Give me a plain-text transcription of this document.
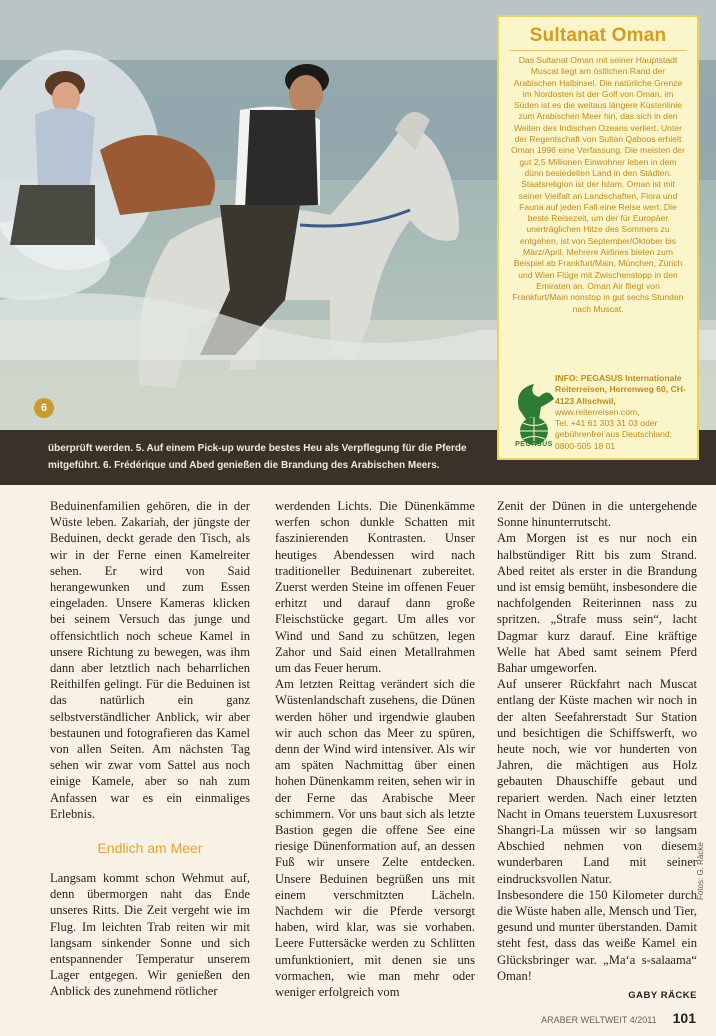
6

überprüft werden. 5. Auf einem Pick-up wurde bestes Heu als Verpflegung für die Pferde

mitgeführt. 6. Frédérique und Abed genießen die Brandung des Arabischen Meers.

Sultanat Oman
Das Sultanat Oman mit seiner Hauptstadt Muscat liegt am östlichen Rand der Arabischen Halbinsel. Die natürliche Grenze im Nordosten ist der Golf von Oman, im Süden ist es die weitaus längere Küstenlinie zum Arabischen Meer hin, das sich in den Weiten des Indischen Ozeans verliert. Unter der Regentschaft von Sultan Qaboos erhielt Oman 1996 eine Verfassung. Die meisten der gut 2,5 Millionen Einwohner leben in dem dünn besiedelten Land in den Städten. Staatsreligion ist der Islam. Oman ist mit seiner Vielfalt an Landschaften, Flora und Fauna auf jeden Fall eine Reise wert. Die beste Reisezeit, um der für Europäer unerträglichen Hitze des Sommers zu entgehen, ist von September/Oktober bis März/April. Mehrere Airlines bieten zum Beispiel ab Frankfurt/Main, München, Zürich und Wien Flüge mit Zwischenstopp in den Emiraten an. Oman Air fliegt von Frankfurt/Main nonstop in gut sechs Stunden nach Muscat.
PEGASUS
INFO: PEGASUS Internationale Reiterreisen, Herrenweg 60, CH-4123 Allschwil,
www.reiterreisen.com,
Tel. +41 61 303 31 03 oder gebührenfrei aus Deutschland: 0800-505 18 01

Beduinenfamilien gehören, die in der Wüste leben. Zakariah, der jüngste der Beduinen, deckt gerade den Tisch, als wir in der Ferne einen Kamelreiter sehen. Er wird von Said herangewunken und zum Essen eingeladen. Unsere Kameras klicken bei seinem Versuch das junge und offensichtlich noch scheue Kamel in unsere Richtung zu bewegen, was ihm dann aber letztlich nach beharrlichen Reithilfen gelingt. Für die Beduinen ist das natürlich ein ganz selbstverständlicher Anblick, wir aber bestaunen und fotografieren das Kamel von allen Seiten. Am nächsten Tag sehen wir zwar vom Sattel aus noch einige Kamele, aber so nah zum Anfassen war es ein einmaliges Erlebnis.

Endlich am Meer

Langsam kommt schon Wehmut auf, denn übermorgen naht das Ende unseres Ritts. Die Zeit vergeht wie im Flug. Im leichten Trab reiten wir mit langsam sinkender Sonne und sich entspannender Temperatur unserem Lager entgegen. Wir genießen den Anblick des zunehmend rötlicher

werdenden Lichts. Die Dünenkämme werfen schon dunkle Schatten mit faszinierenden Kontrasten. Unser heutiges Abendessen wird nach traditioneller Beduinenart zubereitet. Zuerst werden Steine im offenen Feuer erhitzt und darauf dann große Fleischstücke gegart. Um alles vor Wind und Sand zu schützen, legen Zahor und Said einen Metallrahmen um das Feuer herum.

Am letzten Reittag verändert sich die Wüstenlandschaft zusehens, die Dünen werden höher und irgendwie glauben wir auch schon das Meer zu spüren, denn der Wind wird intensiver. Als wir am späten Nachmittag über einen hohen Dünenkamm reiten, sehen wir in der Ferne das Arabische Meer schimmern. Vor uns baut sich als letzte Bastion gegen die offene See eine riesige Dünenformation auf, an dessen Fuß wir unsere Zelte entdecken. Unsere Beduinen begrüßen uns mit einem verschmitzten Lächeln. Nachdem wir die Pferde versorgt haben, wird klar, was sie vorhaben. Leere Futtersäcke werden zu Schlitten umfunktioniert, mit denen sie uns vormachen, wie man mehr oder weniger erfolgreich vom

Zenit der Dünen in die untergehende Sonne hinunterrutscht.

Am Morgen ist es nur noch ein halbstündiger Ritt bis zum Strand. Abed reitet als erster in die Brandung und ist emsig bemüht, insbesondere die nachfolgenden Reiterinnen nass zu spritzen. „Strafe muss sein“, lacht Dagmar kurz darauf. Eine kräftige Welle hat Abed samt seinem Pferd Bahar umgeworfen.

Auf unserer Rückfahrt nach Muscat entlang der Küste machen wir noch in der alten Seefahrerstadt Sur Station und besichtigen die Schiffswerft, wo heute noch, wie vor hunderten von Jahren, die mächtigen aus Holz gebauten Dhauschiffe gebaut und repariert werden. Nach einer letzten Nacht in Omans teuerstem Luxusresort Shangri-La müssen wir so langsam Abschied nehmen von diesem wunderbaren Land mit seiner eindrucksvollen Natur.

Insbesondere die 150 Kilometer durch die Wüste haben alle, Mensch und Tier, gesund und munter überstanden. Damit steht fest, dass das weiße Kamel ein Glücksbringer war. „Ma‘a s-salaama“ Oman!

GABY RÄCKE
Fotos: G. Räcke
ARABER WELTWEIT 4/2011 101
